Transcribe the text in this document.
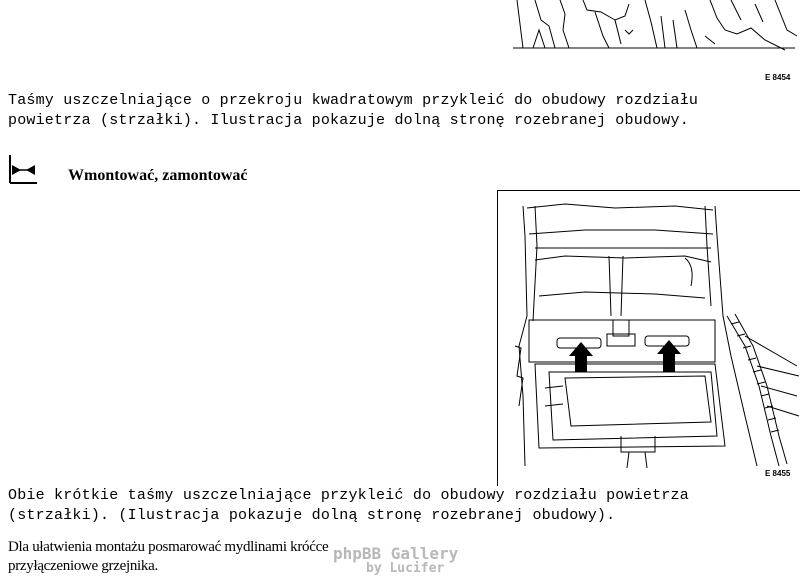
E 8454
Taśmy uszczelniające o przekroju kwadratowym przykleić do obudowy rozdziału
powietrza (strzałki). Ilustracja pokazuje dolną stronę rozebranej obudowy.
Wmontować, zamontować
E 8455
Obie krótkie taśmy uszczelniające przykleić do obudowy rozdziału powietrza
(strzałki). (Ilustracja pokazuje dolną stronę rozebranej obudowy).
Dla ułatwienia montażu posmarować mydlinami króćce
przyłączeniowe grzejnika.
phpBB Gallery
by Lucifer
